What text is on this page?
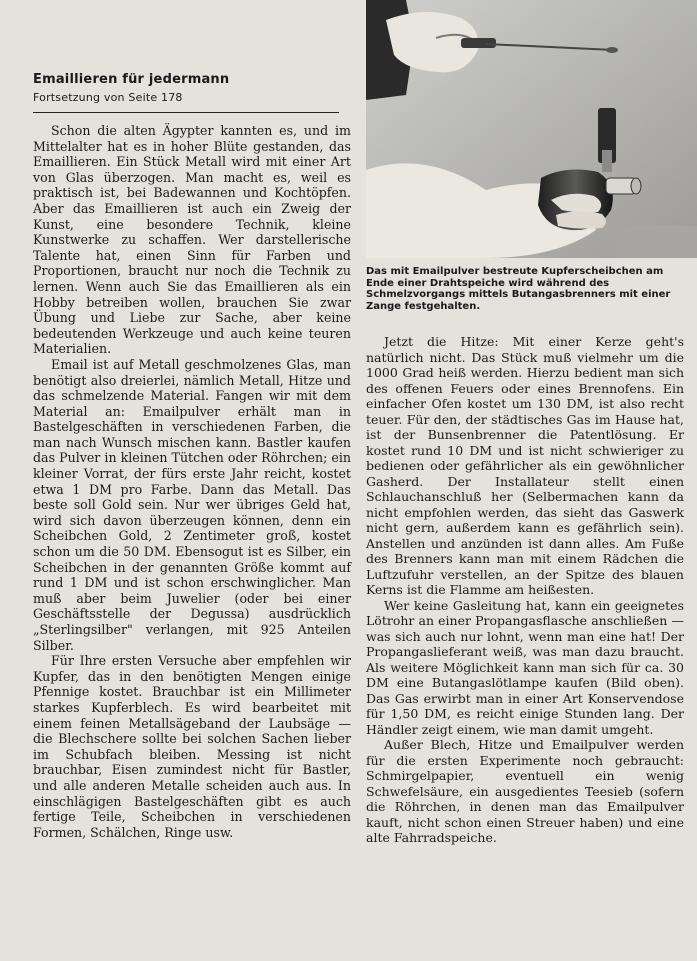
Emaillieren für jedermann
Fortsetzung von Seite 178

Schon die alten Ägypter kannten es, und im Mittelalter hat es in hoher Blüte gestanden, das Emaillieren. Ein Stück Metall wird mit einer Art von Glas überzogen. Man macht es, weil es praktisch ist, bei Badewannen und Kochtöpfen. Aber das Emaillieren ist auch ein Zweig der Kunst, eine besondere Technik, kleine Kunstwerke zu schaffen. Wer darstellerische Talente hat, einen Sinn für Farben und Proportionen, braucht nur noch die Technik zu lernen. Wenn auch Sie das Emaillieren als ein Hobby betreiben wollen, brauchen Sie zwar Übung und Liebe zur Sache, aber keine bedeutenden Werkzeuge und auch keine teuren Materialien.

Email ist auf Metall geschmolzenes Glas, man benötigt also dreierlei, nämlich Metall, Hitze und das schmelzende Material. Fangen wir mit dem Material an: Emailpulver erhält man in Bastelgeschäften in verschiedenen Farben, die man nach Wunsch mischen kann. Bastler kaufen das Pulver in kleinen Tütchen oder Röhrchen; ein kleiner Vorrat, der fürs erste Jahr reicht, kostet etwa 1 DM pro Farbe. Dann das Metall. Das beste soll Gold sein. Nur wer übriges Geld hat, wird sich davon überzeugen können, denn ein Scheibchen Gold, 2 Zentimeter groß, kostet schon um die 50 DM. Ebensogut ist es Silber, ein Scheibchen in der genannten Größe kommt auf rund 1 DM und ist schon erschwinglicher. Man muß aber beim Juwelier (oder bei einer Geschäftsstelle der Degussa) ausdrücklich „Sterlingsilber" verlangen, mit 925 Anteilen Silber.

Für Ihre ersten Versuche aber empfehlen wir Kupfer, das in den benötigten Mengen einige Pfennige kostet. Brauchbar ist ein Millimeter starkes Kupferblech. Es wird bearbeitet mit einem feinen Metallsägeband der Laubsäge — die Blechschere sollte bei solchen Sachen lieber im Schubfach bleiben. Messing ist nicht brauchbar, Eisen zumindest nicht für Bastler, und alle anderen Metalle scheiden auch aus. In einschlägigen Bastelgeschäften gibt es auch fertige Teile, Scheibchen in verschiedenen Formen, Schälchen, Ringe usw.

Das mit Emailpulver bestreute Kupferscheibchen am Ende einer Drahtspeiche wird während des Schmelzvorgangs mittels Butangasbrenners mit einer Zange festgehalten.

Jetzt die Hitze: Mit einer Kerze geht's natürlich nicht. Das Stück muß vielmehr um die 1000 Grad heiß werden. Hierzu bedient man sich des offenen Feuers oder eines Brennofens. Ein einfacher Ofen kostet um 130 DM, ist also recht teuer. Für den, der städtisches Gas im Hause hat, ist der Bunsenbrenner die Patentlösung. Er kostet rund 10 DM und ist nicht schwieriger zu bedienen oder gefährlicher als ein gewöhnlicher Gasherd. Der Installateur stellt einen Schlauchanschluß her (Selbermachen kann da nicht empfohlen werden, das sieht das Gaswerk nicht gern, außerdem kann es gefährlich sein). Anstellen und anzünden ist dann alles. Am Fuße des Brenners kann man mit einem Rädchen die Luftzufuhr verstellen, an der Spitze des blauen Kerns ist die Flamme am heißesten.

Wer keine Gasleitung hat, kann ein geeignetes Lötrohr an einer Propangasflasche anschließen — was sich auch nur lohnt, wenn man eine hat! Der Propangaslieferant weiß, was man dazu braucht. Als weitere Möglichkeit kann man sich für ca. 30 DM eine Butangaslötlampe kaufen (Bild oben). Das Gas erwirbt man in einer Art Konservendose für 1,50 DM, es reicht einige Stunden lang. Der Händler zeigt einem, wie man damit umgeht.

Außer Blech, Hitze und Emailpulver werden für die ersten Experimente noch gebraucht: Schmirgelpapier, eventuell ein wenig Schwefelsäure, ein ausgedientes Teesieb (sofern die Röhrchen, in denen man das Emailpulver kauft, nicht schon einen Streuer haben) und eine alte Fahrradspeiche.
